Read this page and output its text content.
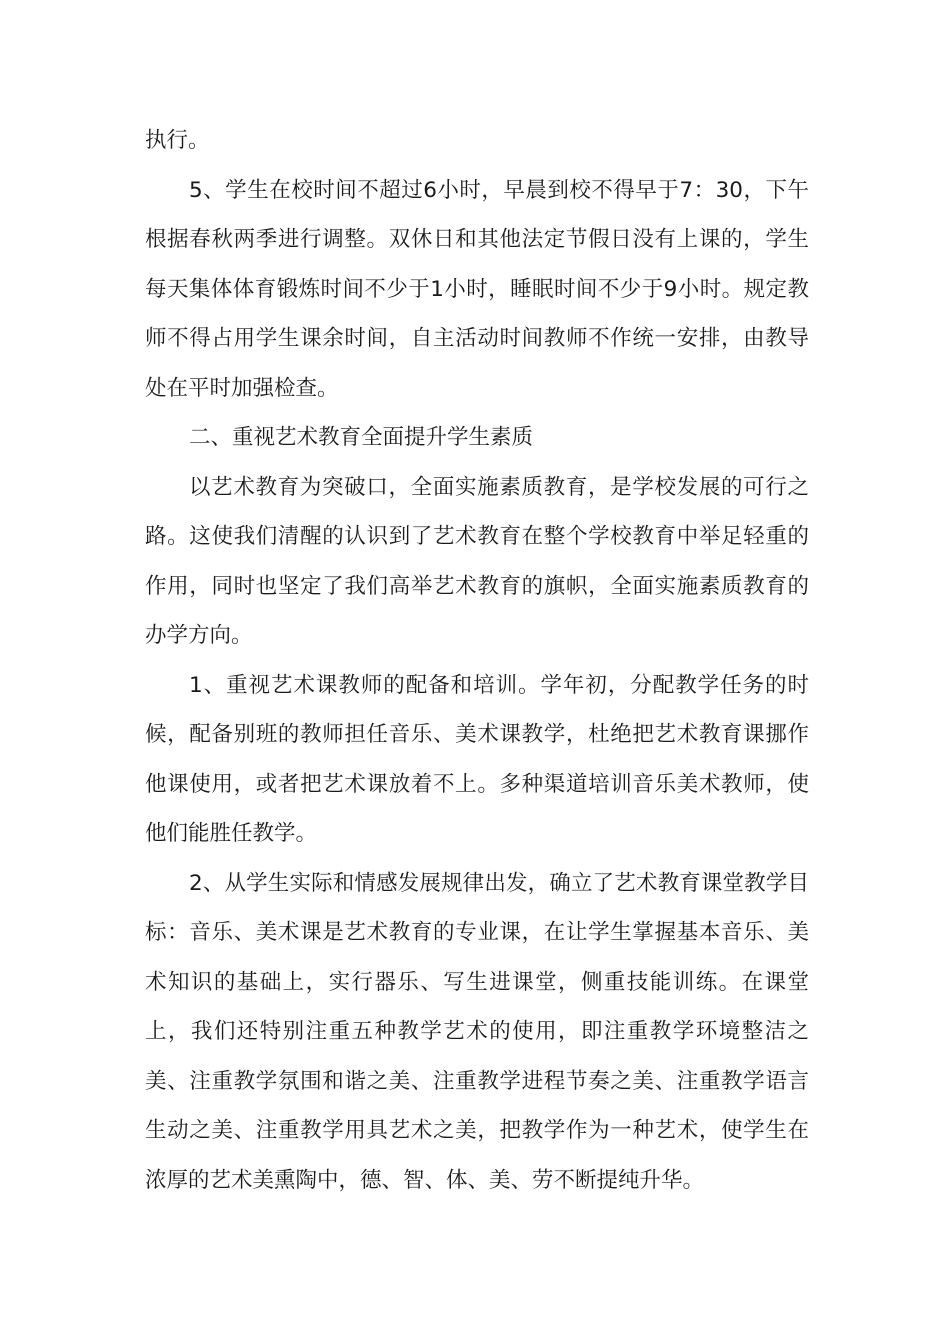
执行。

5、学生在校时间不超过6小时，早晨到校不得早于7：30，下午根据春秋两季进行调整。双休日和其他法定节假日没有上课的，学生每天集体体育锻炼时间不少于1小时，睡眠时间不少于9小时。规定教师不得占用学生课余时间，自主活动时间教师不作统一安排，由教导处在平时加强检查。

二、重视艺术教育全面提升学生素质

以艺术教育为突破口，全面实施素质教育，是学校发展的可行之路。这使我们清醒的认识到了艺术教育在整个学校教育中举足轻重的作用，同时也坚定了我们高举艺术教育的旗帜，全面实施素质教育的办学方向。

1、重视艺术课教师的配备和培训。学年初，分配教学任务的时候，配备别班的教师担任音乐、美术课教学，杜绝把艺术教育课挪作他课使用，或者把艺术课放着不上。多种渠道培训音乐美术教师，使他们能胜任教学。

2、从学生实际和情感发展规律出发，确立了艺术教育课堂教学目标：音乐、美术课是艺术教育的专业课，在让学生掌握基本音乐、美术知识的基础上，实行器乐、写生进课堂，侧重技能训练。在课堂上，我们还特别注重五种教学艺术的使用，即注重教学环境整洁之美、注重教学氛围和谐之美、注重教学进程节奏之美、注重教学语言生动之美、注重教学用具艺术之美，把教学作为一种艺术，使学生在浓厚的艺术美熏陶中，德、智、体、美、劳不断提纯升华。
